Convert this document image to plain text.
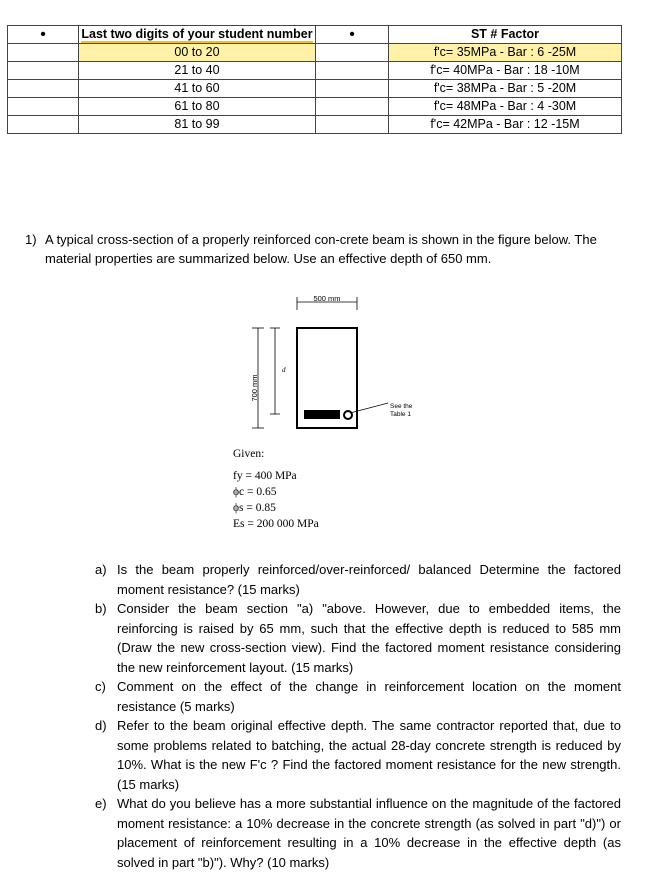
•	Last two digits of your student number	•	ST # Factor
	00 to 20		f'c= 35MPa - Bar : 6 -25M
	21 to 40		f'c= 40MPa - Bar : 18 -10M
	41 to 60		f'c= 38MPa - Bar : 5 -20M
	61 to 80		f'c= 48MPa - Bar : 4 -30M
	81 to 99		f'c= 42MPa - Bar : 12 -15M
1) A typical cross-section of a properly reinforced con-crete beam is shown in the figure below. The material properties are summarized below. Use an effective depth of 650 mm.
500 mm
See the
Table 1
700 mm
d
Given:
fy = 400 MPa
ϕc = 0.65
ϕs = 0.85
Es = 200 000 MPa
a) Is the beam properly reinforced/over-reinforced/ balanced Determine the factored moment resistance? (15 marks)
b) Consider the beam section "a) "above. However, due to embedded items, the reinforcing is raised by 65 mm, such that the effective depth is reduced to 585 mm (Draw the new cross-section view). Find the factored moment resistance considering the new reinforcement layout. (15 marks)
c) Comment on the effect of the change in reinforcement location on the moment resistance (5 marks)
d) Refer to the beam original effective depth. The same contractor reported that, due to some problems related to batching, the actual 28-day concrete strength is reduced by 10%. What is the new F'c ? Find the factored moment resistance for the new strength. (15 marks)
e) What do you believe has a more substantial influence on the magnitude of the factored moment resistance: a 10% decrease in the concrete strength (as solved in part "d)") or placement of reinforcement resulting in a 10% decrease in the effective depth (as solved in part "b)"). Why? (10 marks)
